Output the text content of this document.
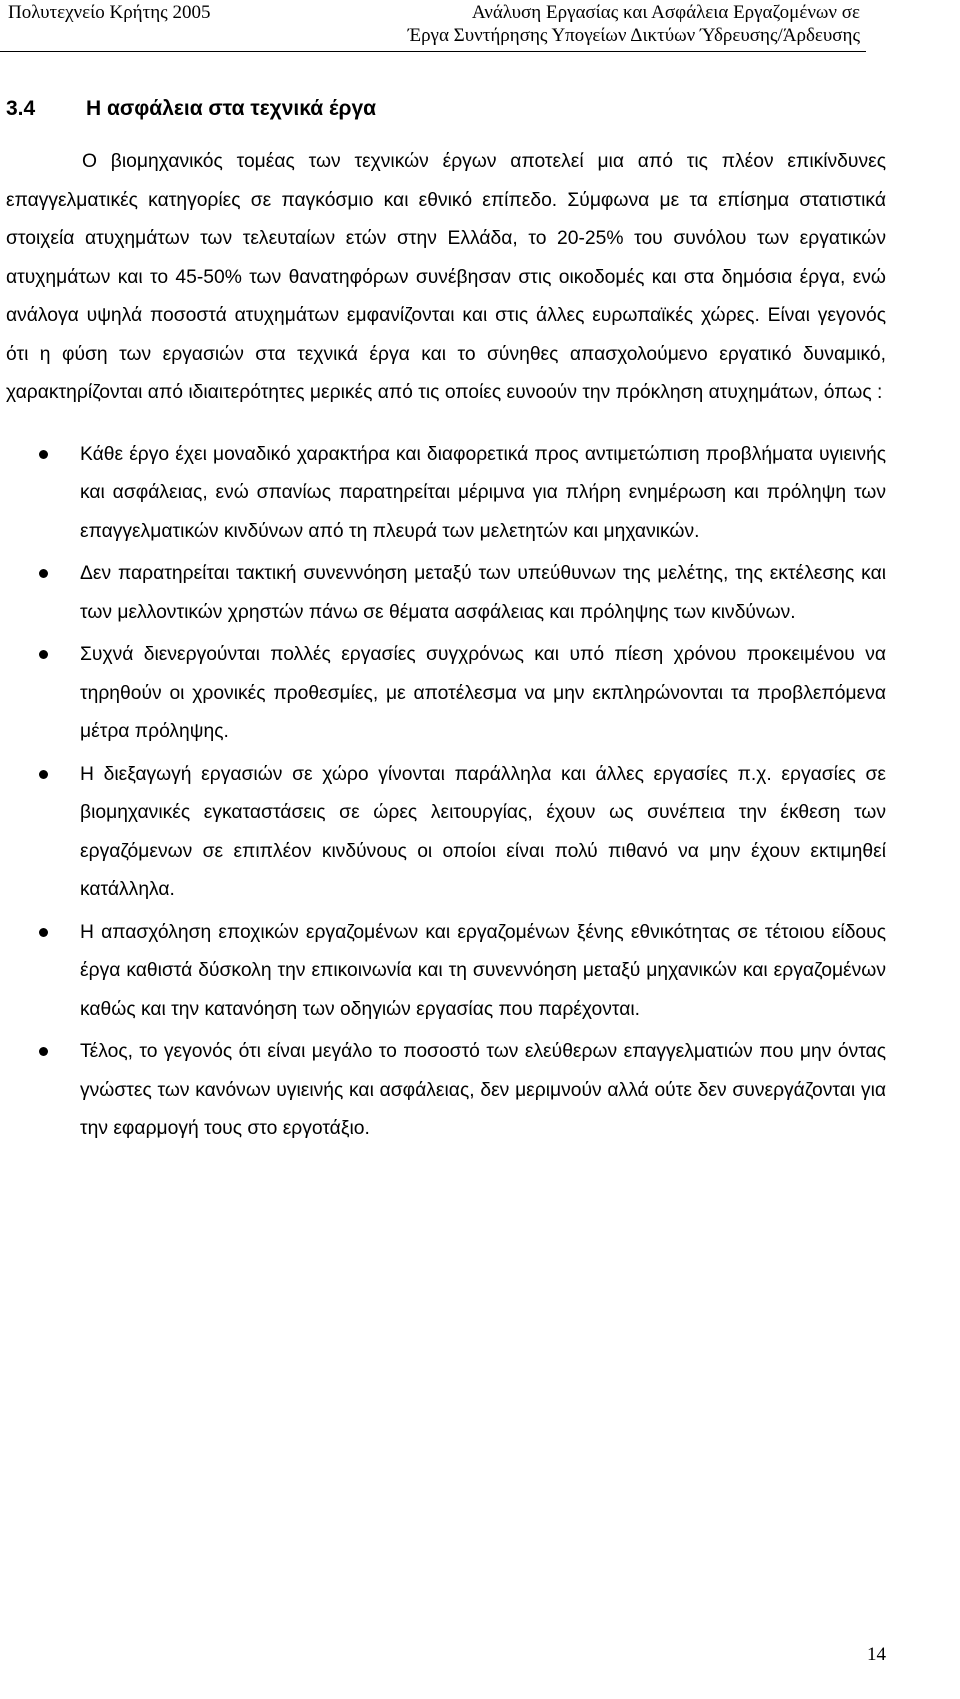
Πολυτεχνείο Κρήτης 2005	Ανάλυση Εργασίας και Ασφάλεια Εργαζομένων σε
Έργα Συντήρησης Υπογείων Δικτύων Ύδρευσης/Άρδευσης
3.4 Η ασφάλεια στα τεχνικά έργα

Ο βιομηχανικός τομέας των τεχνικών έργων αποτελεί μια από τις πλέον επικίνδυνες επαγγελματικές κατηγορίες σε παγκόσμιο και εθνικό επίπεδο. Σύμφωνα με τα επίσημα στατιστικά στοιχεία ατυχημάτων των τελευταίων ετών στην Ελλάδα, το 20-25% του συνόλου των εργατικών ατυχημάτων και το 45-50% των θανατηφόρων συνέβησαν στις οικοδομές και στα δημόσια έργα, ενώ ανάλογα υψηλά ποσοστά ατυχημάτων εμφανίζονται και στις άλλες ευρωπαϊκές χώρες. Είναι γεγονός ότι η φύση των εργασιών στα τεχνικά έργα και το σύνηθες απασχολούμενο εργατικό δυναμικό, χαρακτηρίζονται από ιδιαιτερότητες μερικές από τις οποίες ευνοούν την πρόκληση ατυχημάτων, όπως :

Κάθε έργο έχει μοναδικό χαρακτήρα και διαφορετικά προς αντιμετώπιση προβλήματα υγιεινής και ασφάλειας, ενώ σπανίως παρατηρείται μέριμνα για πλήρη ενημέρωση και πρόληψη των επαγγελματικών κινδύνων από τη πλευρά των μελετητών και μηχανικών.
Δεν παρατηρείται τακτική συνεννόηση μεταξύ των υπεύθυνων της μελέτης, της εκτέλεσης και των μελλοντικών χρηστών πάνω σε θέματα ασφάλειας και πρόληψης των κινδύνων.
Συχνά διενεργούνται πολλές εργασίες συγχρόνως και υπό πίεση χρόνου προκειμένου να τηρηθούν οι χρονικές προθεσμίες, με αποτέλεσμα να μην εκπληρώνονται τα προβλεπόμενα μέτρα πρόληψης.
Η διεξαγωγή εργασιών σε χώρο γίνονται παράλληλα και άλλες εργασίες π.χ. εργασίες σε βιομηχανικές εγκαταστάσεις σε ώρες λειτουργίας, έχουν ως συνέπεια την έκθεση των εργαζόμενων σε επιπλέον κινδύνους οι οποίοι είναι πολύ πιθανό να μην έχουν εκτιμηθεί κατάλληλα.
Η απασχόληση εποχικών εργαζομένων και εργαζομένων ξένης εθνικότητας σε τέτοιου είδους έργα καθιστά δύσκολη την επικοινωνία και τη συνεννόηση μεταξύ μηχανικών και εργαζομένων καθώς και την κατανόηση των οδηγιών εργασίας που παρέχονται.
Τέλος, το γεγονός ότι είναι μεγάλο το ποσοστό των ελεύθερων επαγγελματιών που μην όντας γνώστες των κανόνων υγιεινής και ασφάλειας, δεν μεριμνούν αλλά ούτε δεν συνεργάζονται για την εφαρμογή τους στο εργοτάξιο.
14
